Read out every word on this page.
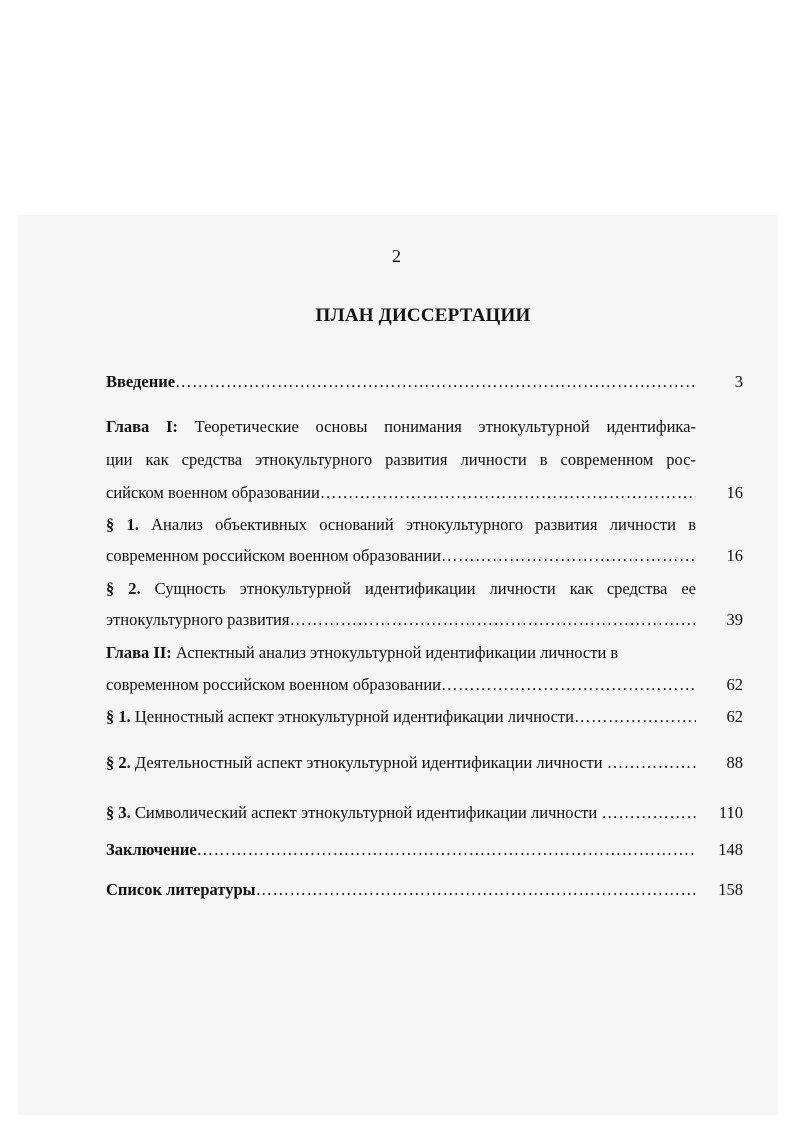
2
ПЛАН ДИССЕРТАЦИИ
Введение …………………………………………………………………………………………………………………………………………	3
Глава I: Теоретические основы понимания этнокультурной идентифика-
ции как средства этнокультурного развития личности в современном рос-
сийском военном образовании …………………………………………………………………………………………………………………………………………	16
§ 1. Анализ объективных оснований этнокультурного развития личности в
современном российском военном образовании …………………………………………………………………………………………………………………………………………	16
§ 2. Сущность этнокультурной идентификации личности как средства ее
этнокультурного развития …………………………………………………………………………………………………………………………………………	39
Глава II: Аспектный анализ этнокультурной идентификации личности в
современном российском военном образовании …………………………………………………………………………………………………………………………………………	62
§ 1. Ценностный аспект этнокультурной идентификации личности …………………………………………………………………………………………………………………………………………	62
§ 2. Деятельностный аспект этнокультурной идентификации личности …………………………………………………………………………………………………………………………………………	88
§ 3. Символический аспект этнокультурной идентификации личности …………………………………………………………………………………………………………………………………………	110
Заключение …………………………………………………………………………………………………………………………………………	148
Список литературы …………………………………………………………………………………………………………………………………………	158
